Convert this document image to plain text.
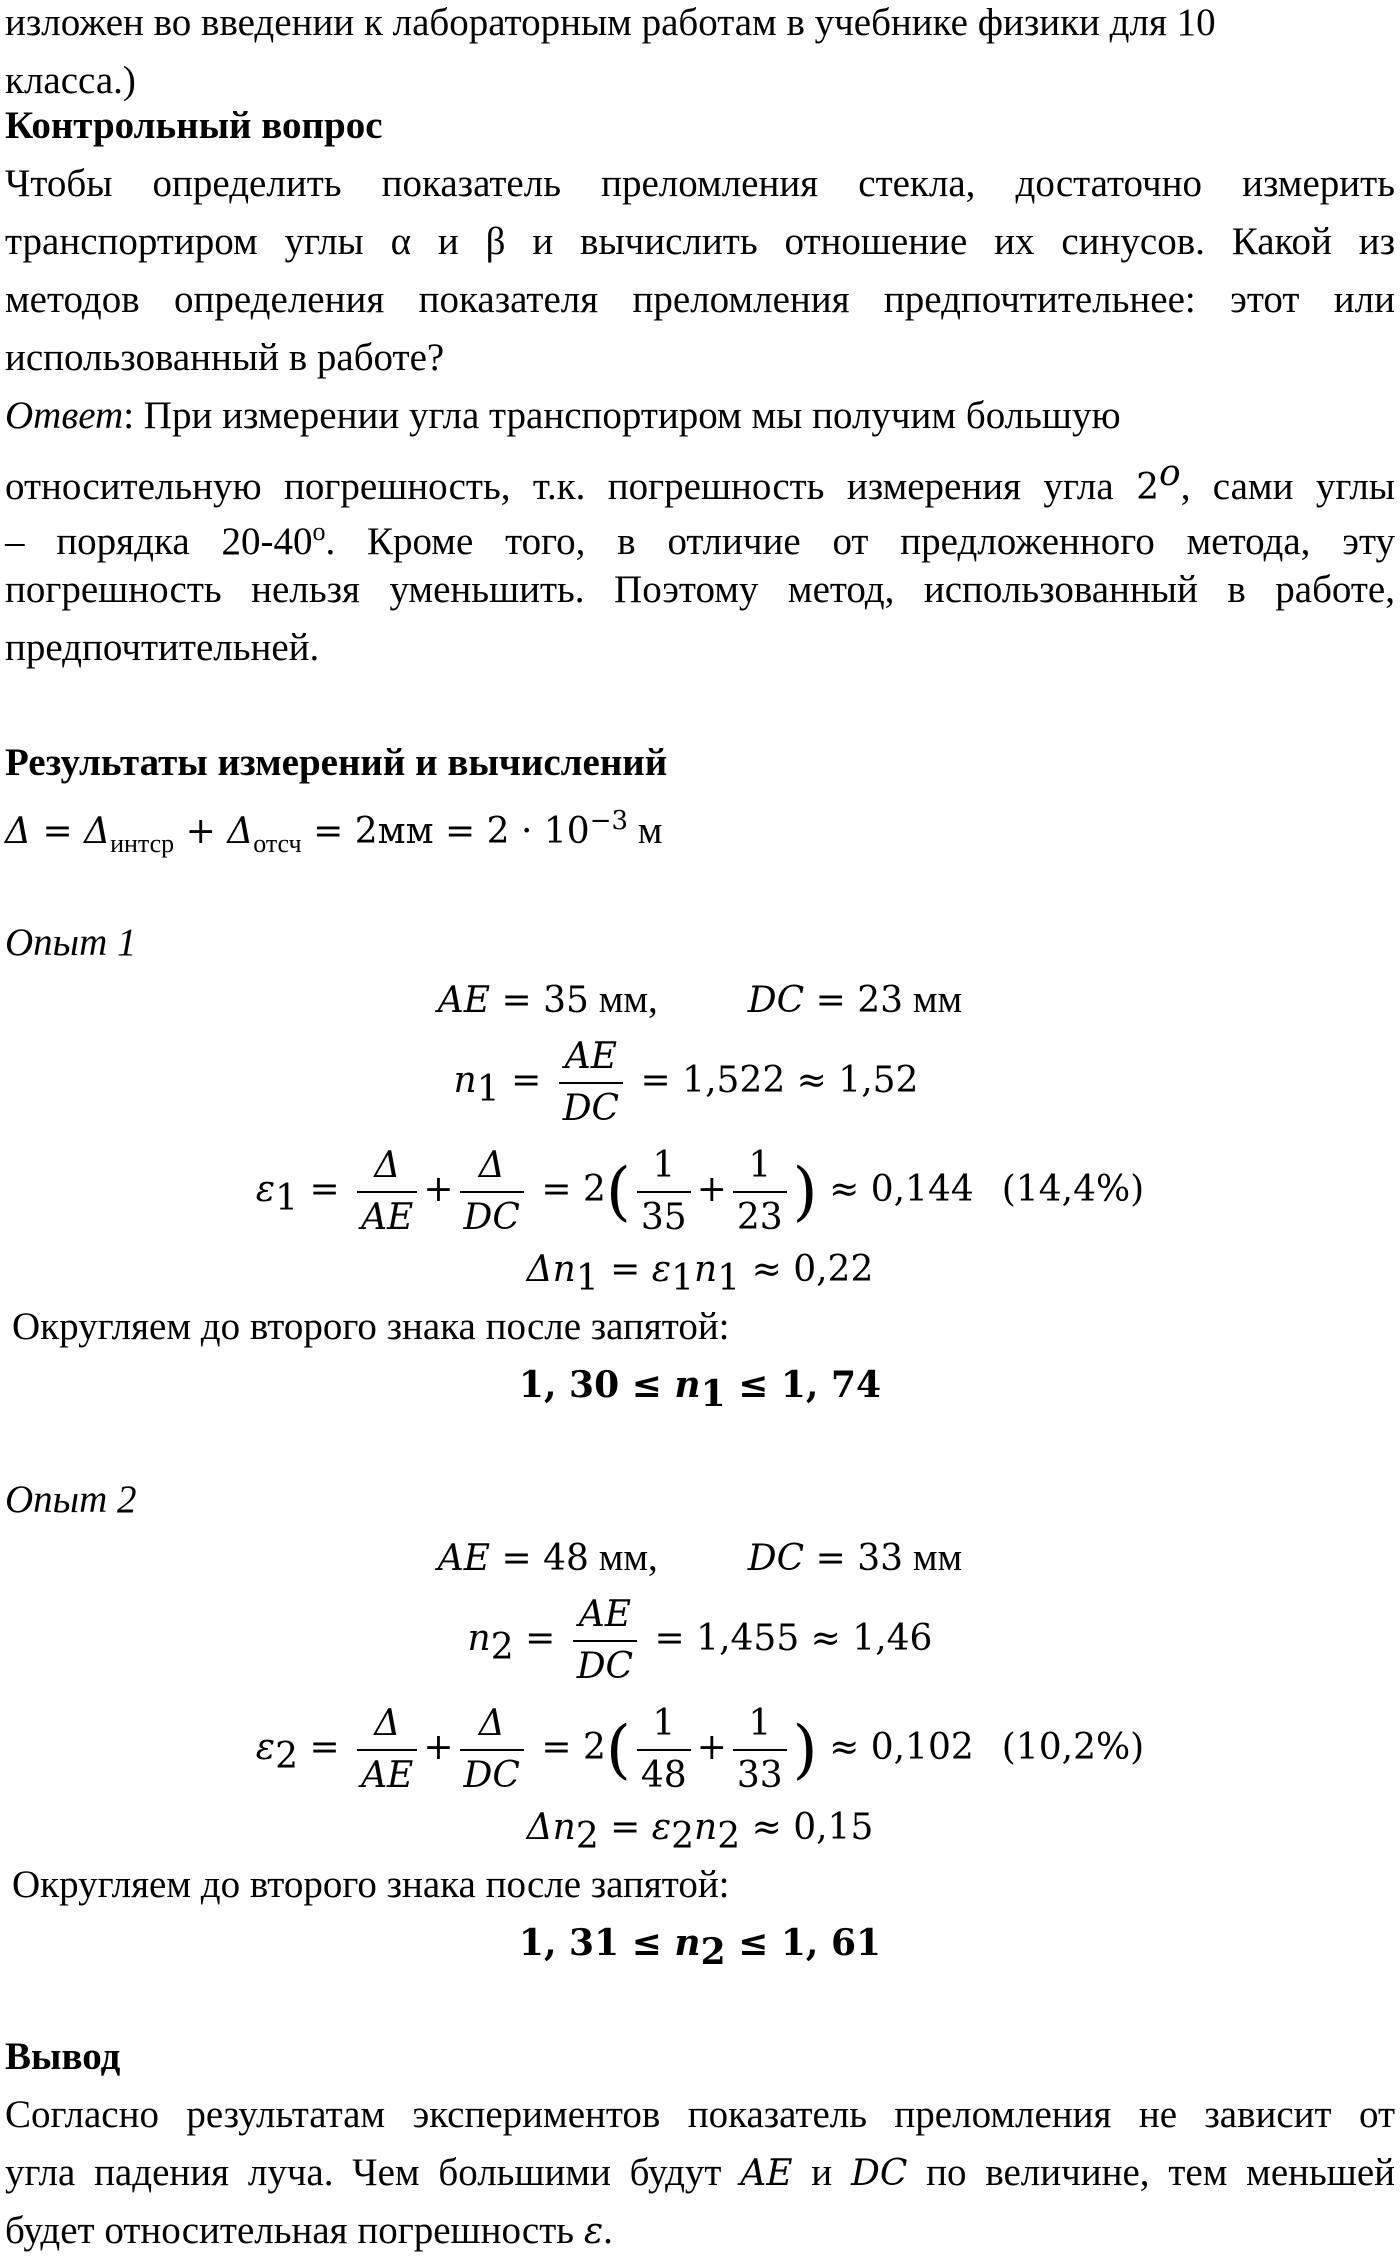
изложен во введении к лабораторным работам в учебнике физики для 10

класса.)

Контрольный вопрос

Чтобы определить показатель преломления стекла, достаточно измерить

транспортиром углы α и β и вычислить отношение их синусов. Какой из

методов определения показателя преломления предпочтительнее: этот или

использованный в работе?

Ответ: При измерении угла транспортиром мы получим большую

относительную погрешность, т.к. погрешность измерения угла 2$^o$, сами углы

– порядка 20-40$^o$. Кроме того, в отличие от предложенного метода, эту

погрешность нельзя уменьшить. Поэтому метод, использованный в работе,

предпочтительней.

Результаты измерений и вычислений

$\Delta = \Delta_{интср} + \Delta_{отсч} = 2мм = 2 \cdot 10^{-3}$ м

Опыт 1

AE = 35 мм,	DC = 23 мм
$n_1 = \frac{AE}{DC} = 1,522 \approx 1,52$
$\varepsilon_1 = \frac{\Delta}{AE} + \frac{\Delta}{DC} = 2( \frac{1}{35} + \frac{1}{23}$ ) ≈ 0,144 (14,4%)
$\Delta n_1 = \varepsilon_1n_1 \approx 0,22$

Округляем до второго знака после запятой:

1, $30 \le n_1 \le 1$, 74

Опыт 2

AE = 48 мм,	DC = 33 мм
$n_2 = \frac{AE}{DC} = 1,455 \approx 1,46$
$\varepsilon_2 = \frac{\Delta}{AE} + \frac{\Delta}{DC} = 2( \frac{1}{48} + \frac{1}{33}$ ) ≈ 0,102 (10,2%)
$\Delta n_2 = \varepsilon_2n_2 \approx 0,15$

Округляем до второго знака после запятой:

1, $31 \le n_2 \le 1$, 61

Вывод

Согласно результатам экспериментов показатель преломления не зависит от

угла падения луча. Чем большими будут AE и DC по величине, тем меньшей

будет относительная погрешность ε.
